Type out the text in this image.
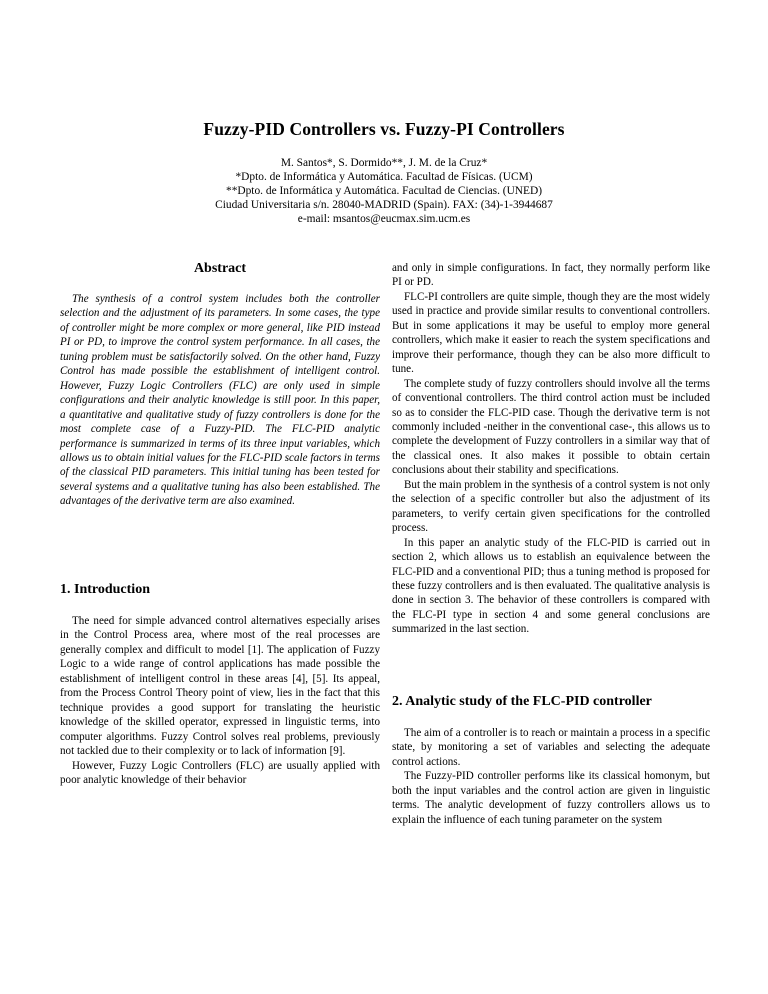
Fuzzy-PID Controllers vs. Fuzzy-PI Controllers
M. Santos*, S. Dormido**, J. M. de la Cruz*
*Dpto. de Informática y Automática. Facultad de Físicas. (UCM)
**Dpto. de Informática y Automática. Facultad de Ciencias. (UNED)
Ciudad Universitaria s/n. 28040-MADRID (Spain). FAX: (34)-1-3944687
e-mail: msantos@eucmax.sim.ucm.es
Abstract
The synthesis of a control system includes both the controller selection and the adjustment of its parameters. In some cases, the type of controller might be more complex or more general, like PID instead PI or PD, to improve the control system performance. In all cases, the tuning problem must be satisfactorily solved. On the other hand, Fuzzy Control has made possible the establishment of intelligent control. However, Fuzzy Logic Controllers (FLC) are only used in simple configurations and their analytic knowledge is still poor. In this paper, a quantitative and qualitative study of fuzzy controllers is done for the most complete case of a Fuzzy-PID. The FLC-PID analytic performance is summarized in terms of its three input variables, which allows us to obtain initial values for the FLC-PID scale factors in terms of the classical PID parameters. This initial tuning has been tested for several systems and a qualitative tuning has also been established. The advantages of the derivative term are also examined.
1. Introduction

The need for simple advanced control alternatives especially arises in the Control Process area, where most of the real processes are generally complex and difficult to model [1]. The application of Fuzzy Logic to a wide range of control applications has made possible the establishment of intelligent control in these areas [4], [5]. Its appeal, from the Process Control Theory point of view, lies in the fact that this technique provides a good support for translating the heuristic knowledge of the skilled operator, expressed in linguistic terms, into computer algorithms. Fuzzy Control solves real problems, previously not tackled due to their complexity or to lack of information [9].

However, Fuzzy Logic Controllers (FLC) are usually applied with poor analytic knowledge of their behavior

and only in simple configurations. In fact, they normally perform like PI or PD.

FLC-PI controllers are quite simple, though they are the most widely used in practice and provide similar results to conventional controllers. But in some applications it may be useful to employ more general controllers, which make it easier to reach the system specifications and improve their performance, though they can be also more difficult to tune.

The complete study of fuzzy controllers should involve all the terms of conventional controllers. The third control action must be included so as to consider the FLC-PID case. Though the derivative term is not commonly included -neither in the conventional case-, this allows us to complete the development of Fuzzy controllers in a similar way that of the classical ones. It also makes it possible to obtain certain conclusions about their stability and specifications.

But the main problem in the synthesis of a control system is not only the selection of a specific controller but also the adjustment of its parameters, to verify certain given specifications for the controlled process.

In this paper an analytic study of the FLC-PID is carried out in section 2, which allows us to establish an equivalence between the FLC-PID and a conventional PID; thus a tuning method is proposed for these fuzzy controllers and is then evaluated. The qualitative analysis is done in section 3. The behavior of these controllers is compared with the FLC-PI type in section 4 and some general conclusions are summarized in the last section.

2. Analytic study of the FLC-PID controller

The aim of a controller is to reach or maintain a process in a specific state, by monitoring a set of variables and selecting the adequate control actions.

The Fuzzy-PID controller performs like its classical homonym, but both the input variables and the control action are given in linguistic terms. The analytic development of fuzzy controllers allows us to explain the influence of each tuning parameter on the system
